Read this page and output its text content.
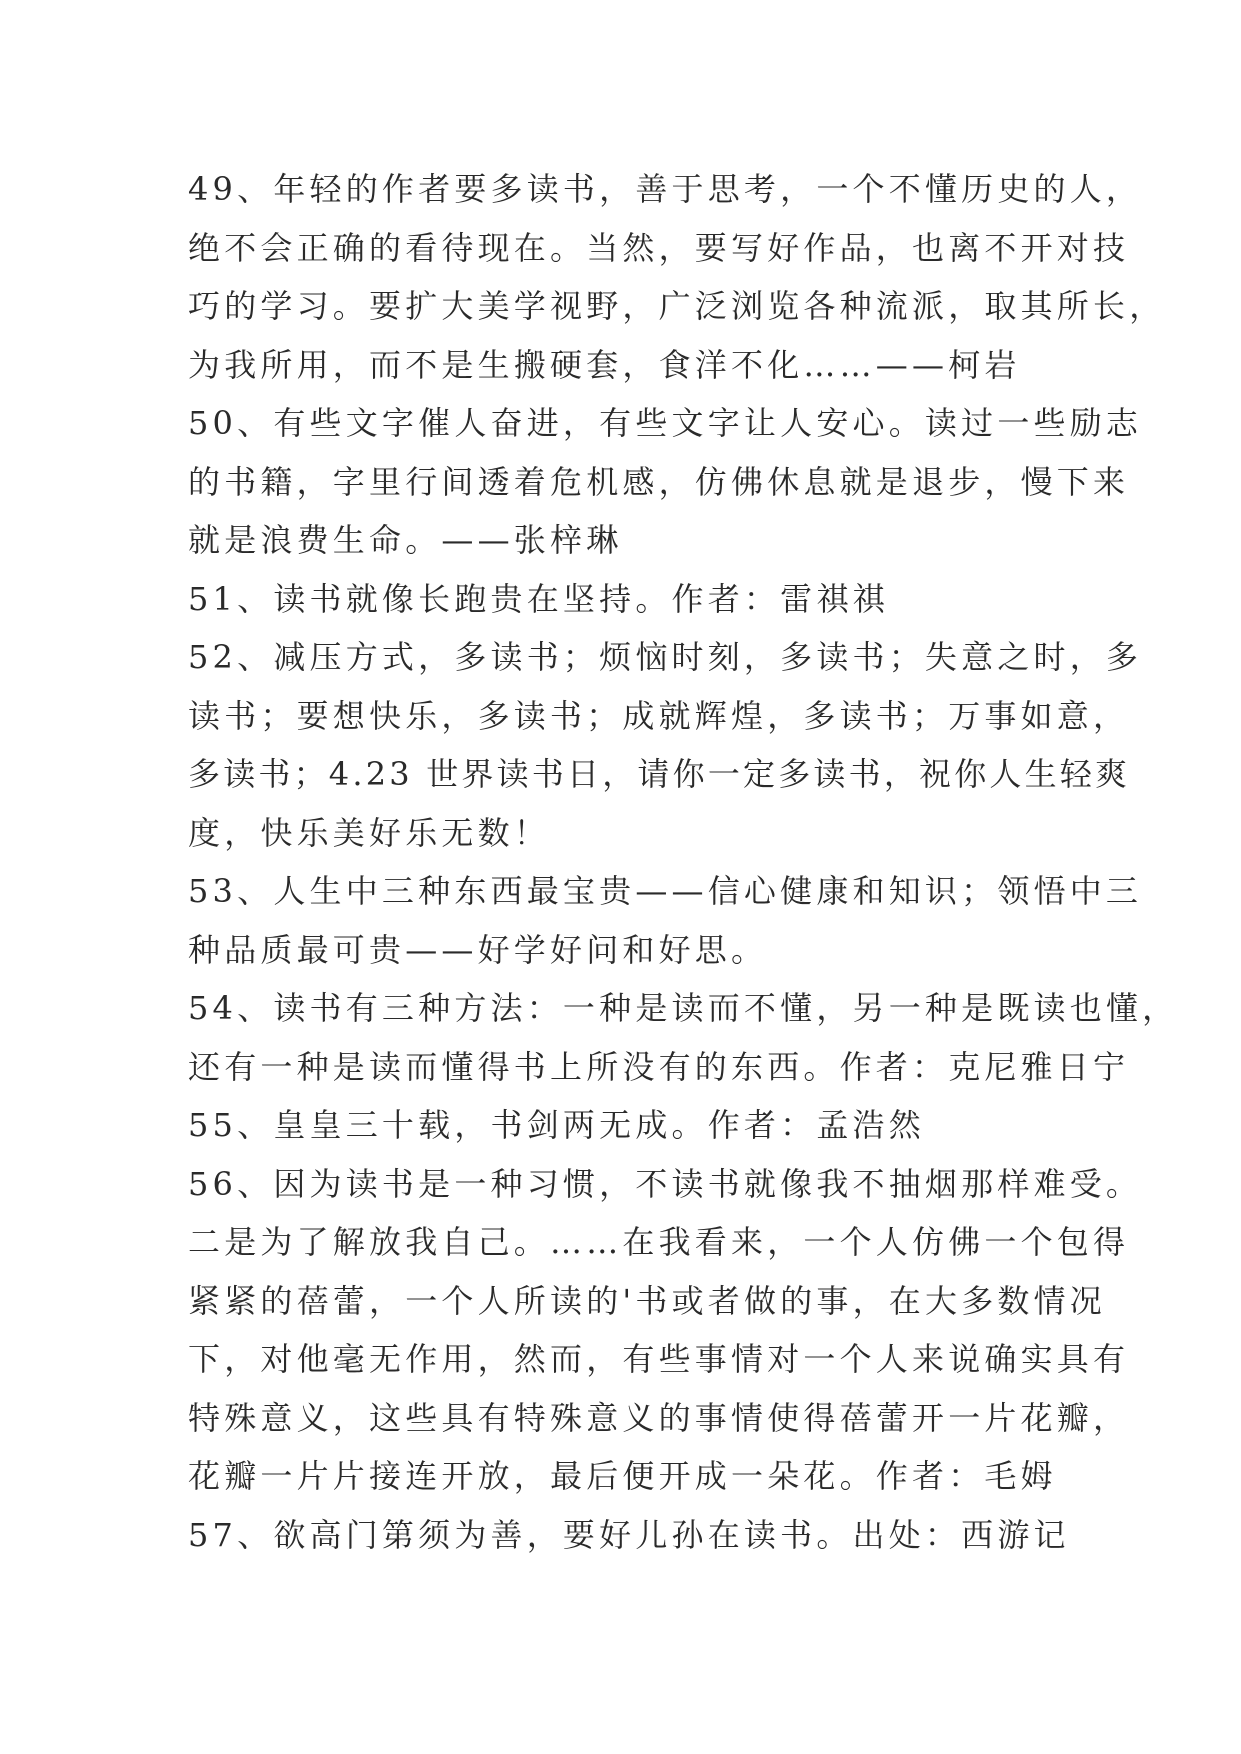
49、年轻的作者要多读书，善于思考，一个不懂历史的人，
绝不会正确的看待现在。当然，要写好作品，也离不开对技
巧的学习。要扩大美学视野，广泛浏览各种流派，取其所长，
为我所用，而不是生搬硬套，食洋不化……——柯岩
50、有些文字催人奋进，有些文字让人安心。读过一些励志
的书籍，字里行间透着危机感，仿佛休息就是退步，慢下来
就是浪费生命。——张梓琳
51、读书就像长跑贵在坚持。作者：雷祺祺
52、减压方式，多读书；烦恼时刻，多读书；失意之时，多
读书；要想快乐，多读书；成就辉煌，多读书；万事如意，
多读书；4.23 世界读书日，请你一定多读书，祝你人生轻爽
度，快乐美好乐无数！
53、人生中三种东西最宝贵——信心健康和知识；领悟中三
种品质最可贵——好学好问和好思。
54、读书有三种方法：一种是读而不懂，另一种是既读也懂，
还有一种是读而懂得书上所没有的东西。作者：克尼雅日宁
55、皇皇三十载，书剑两无成。作者：孟浩然
56、因为读书是一种习惯，不读书就像我不抽烟那样难受。
二是为了解放我自己。……在我看来，一个人仿佛一个包得
紧紧的蓓蕾，一个人所读的'书或者做的事，在大多数情况
下，对他毫无作用，然而，有些事情对一个人来说确实具有
特殊意义，这些具有特殊意义的事情使得蓓蕾开一片花瓣，
花瓣一片片接连开放，最后便开成一朵花。作者：毛姆
57、欲高门第须为善，要好儿孙在读书。出处：西游记
